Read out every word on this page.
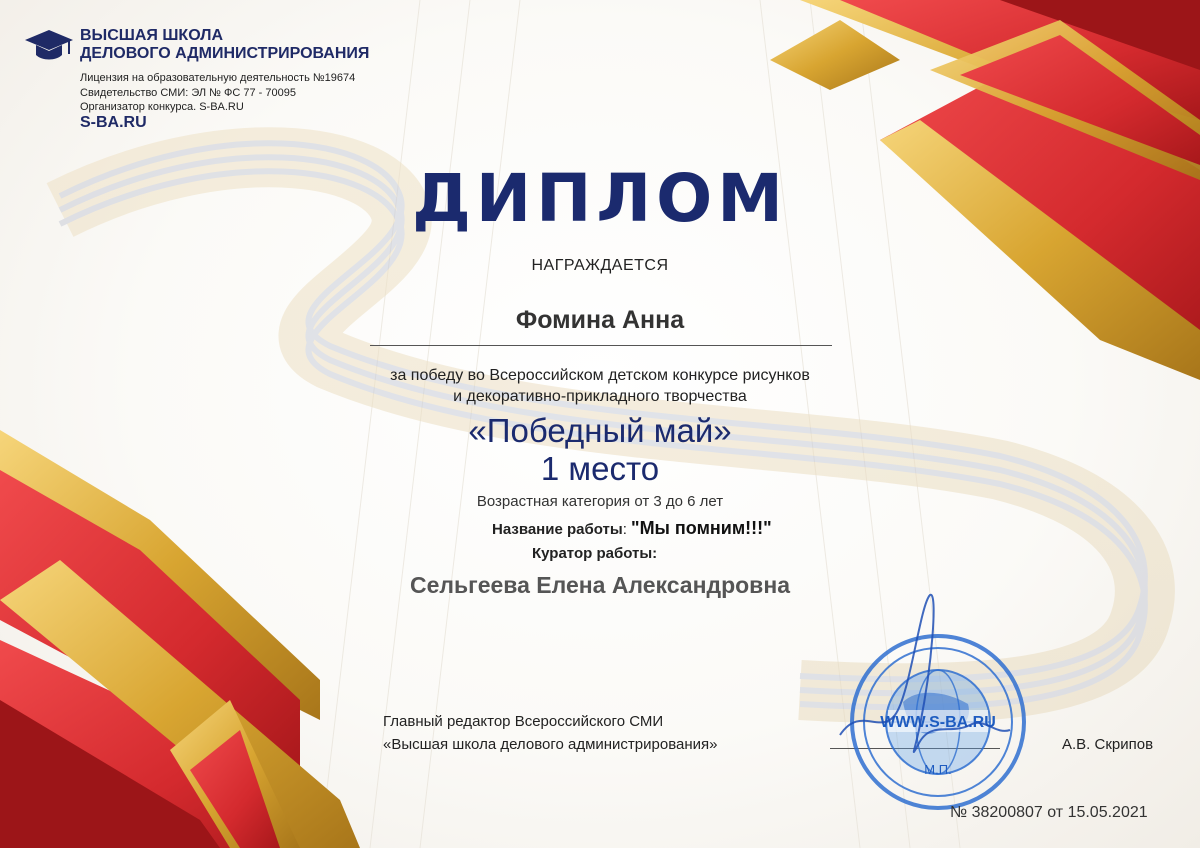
ВЫСШАЯ ШКОЛА
ДЕЛОВОГО АДМИНИСТРИРОВАНИЯ
Лицензия на образовательную деятельность №19674
Свидетельство СМИ: ЭЛ № ФС 77 - 70095
Организатор конкурса. S-BA.RU
S-BA.RU
ДИПЛОМ
НАГРАЖДАЕТСЯ
Фомина Анна
за победу во Всероссийском детском конкурсе рисунков
и декоративно-прикладного творчества
«Победный май»
1 место
Возрастная категория от 3 до 6 лет
Название работы: "Мы помним!!!"
Куратор работы:
Сельгеева Елена Александровна
Главный редактор Всероссийского СМИ
«Высшая школа делового администрирования»
WWW.S-BA.RU
М.П.
А.В. Скрипов
№ 38200807 от 15.05.2021
